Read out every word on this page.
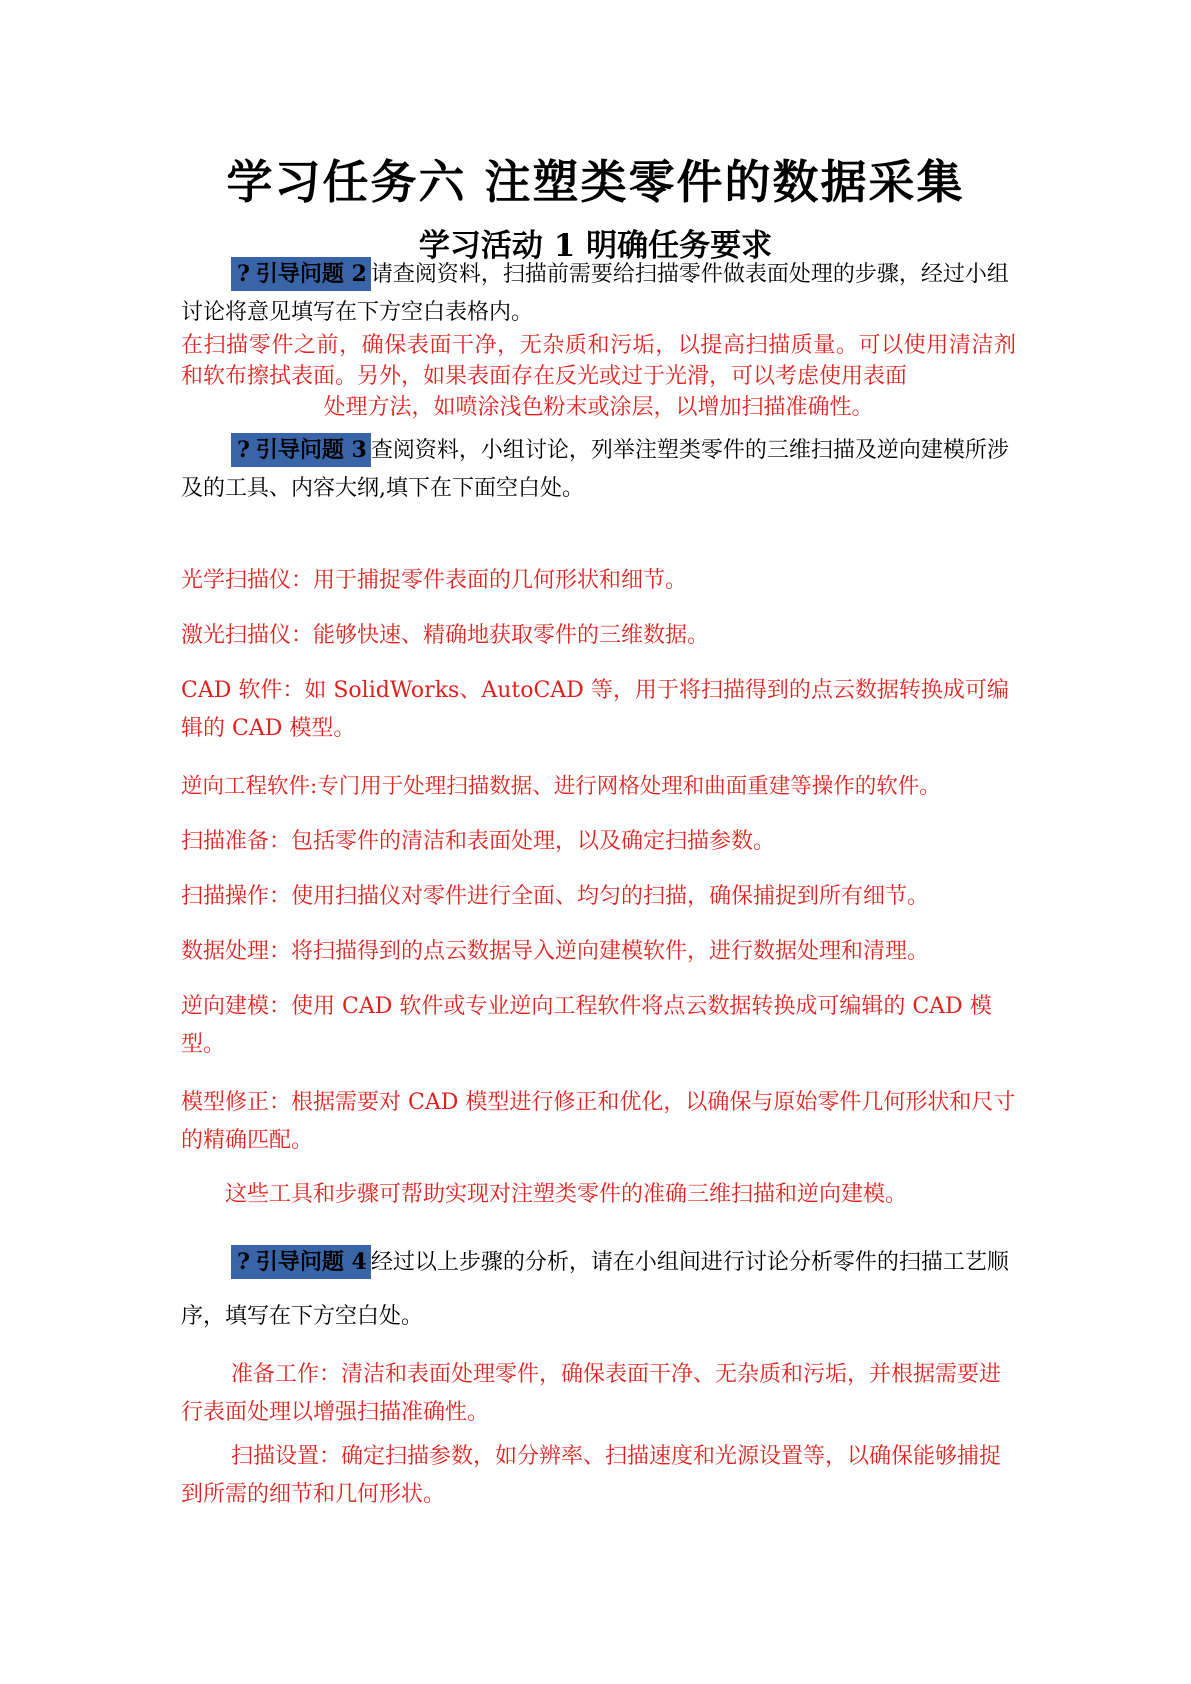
学习任务六 注塑类零件的数据采集
学习活动 1 明确任务要求
? 引导问题 2 请查阅资料，扫描前需要给扫描零件做表面处理的步骤，经过小组讨论将意见填写在下方空白表格内。

在扫描零件之前，确保表面干净，无杂质和污垢，以提高扫描质量。可以使用清洁剂和软布擦拭表面。另外，如果表面存在反光或过于光滑，可以考虑使用表面

处理方法，如喷涂浅色粉末或涂层，以增加扫描准确性。

? 引导问题 3 查阅资料，小组讨论，列举注塑类零件的三维扫描及逆向建模所涉及的工具、内容大纲,填下在下面空白处。
光学扫描仪：用于捕捉零件表面的几何形状和细节。
激光扫描仪：能够快速、精确地获取零件的三维数据。
CAD 软件：如 SolidWorks、AutoCAD 等，用于将扫描得到的点云数据转换成可编辑的 CAD 模型。
逆向工程软件:专门用于处理扫描数据、进行网格处理和曲面重建等操作的软件。
扫描准备：包括零件的清洁和表面处理，以及确定扫描参数。
扫描操作：使用扫描仪对零件进行全面、均匀的扫描，确保捕捉到所有细节。
数据处理：将扫描得到的点云数据导入逆向建模软件，进行数据处理和清理。
逆向建模：使用 CAD 软件或专业逆向工程软件将点云数据转换成可编辑的 CAD 模型。
模型修正：根据需要对 CAD 模型进行修正和优化，以确保与原始零件几何形状和尺寸的精确匹配。
这些工具和步骤可帮助实现对注塑类零件的准确三维扫描和逆向建模。
? 引导问题 4 经过以上步骤的分析，请在小组间进行讨论分析零件的扫描工艺顺序，填写在下方空白处。
准备工作：清洁和表面处理零件，确保表面干净、无杂质和污垢，并根据需要进行表面处理以增强扫描准确性。
扫描设置：确定扫描参数，如分辨率、扫描速度和光源设置等，以确保能够捕捉到所需的细节和几何形状。
